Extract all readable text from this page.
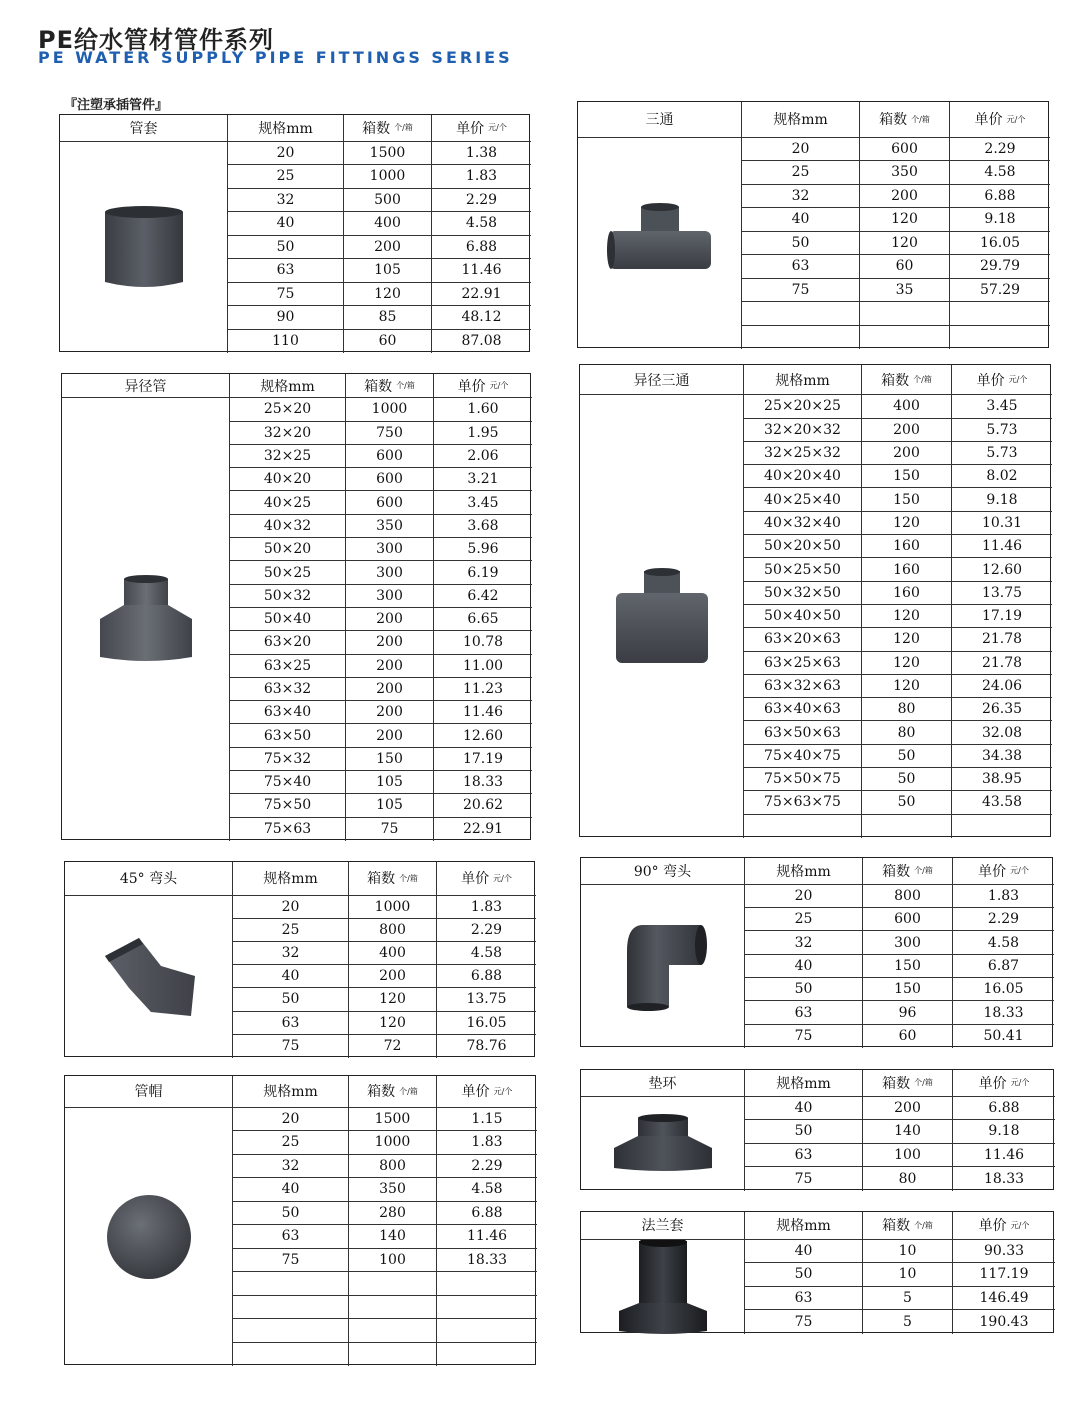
PE给水管材管件系列
PE WATER SUPPLY PIPE FITTINGS SERIES
『注塑承插管件』
管套	规格mm	箱数 个/箱	单价 元/个
20	1500	1.38
25	1000	1.83
32	500	2.29
40	400	4.58
50	200	6.88
63	105	11.46
75	120	22.91
90	85	48.12
110	60	87.08
三通	规格mm	箱数 个/箱	单价 元/个
20	600	2.29
25	350	4.58
32	200	6.88
40	120	9.18
50	120	16.05
63	60	29.79
75	35	57.29
异径管	规格mm	箱数 个/箱	单价 元/个
25×20	1000	1.60
32×20	750	1.95
32×25	600	2.06
40×20	600	3.21
40×25	600	3.45
40×32	350	3.68
50×20	300	5.96
50×25	300	6.19
50×32	300	6.42
50×40	200	6.65
63×20	200	10.78
63×25	200	11.00
63×32	200	11.23
63×40	200	11.46
63×50	200	12.60
75×32	150	17.19
75×40	105	18.33
75×50	105	20.62
75×63	75	22.91
异径三通	规格mm	箱数 个/箱	单价 元/个
25×20×25	400	3.45
32×20×32	200	5.73
32×25×32	200	5.73
40×20×40	150	8.02
40×25×40	150	9.18
40×32×40	120	10.31
50×20×50	160	11.46
50×25×50	160	12.60
50×32×50	160	13.75
50×40×50	120	17.19
63×20×63	120	21.78
63×25×63	120	21.78
63×32×63	120	24.06
63×40×63	80	26.35
63×50×63	80	32.08
75×40×75	50	34.38
75×50×75	50	38.95
75×63×75	50	43.58
45° 弯头	规格mm	箱数 个/箱	单价 元/个
20	1000	1.83
25	800	2.29
32	400	4.58
40	200	6.88
50	120	13.75
63	120	16.05
75	72	78.76
90° 弯头	规格mm	箱数 个/箱	单价 元/个
20	800	1.83
25	600	2.29
32	300	4.58
40	150	6.87
50	150	16.05
63	96	18.33
75	60	50.41
管帽	规格mm	箱数 个/箱	单价 元/个
20	1500	1.15
25	1000	1.83
32	800	2.29
40	350	4.58
50	280	6.88
63	140	11.46
75	100	18.33
垫环	规格mm	箱数 个/箱	单价 元/个
40	200	6.88
50	140	9.18
63	100	11.46
75	80	18.33
法兰套	规格mm	箱数 个/箱	单价 元/个
40	10	90.33
50	10	117.19
63	5	146.49
75	5	190.43
